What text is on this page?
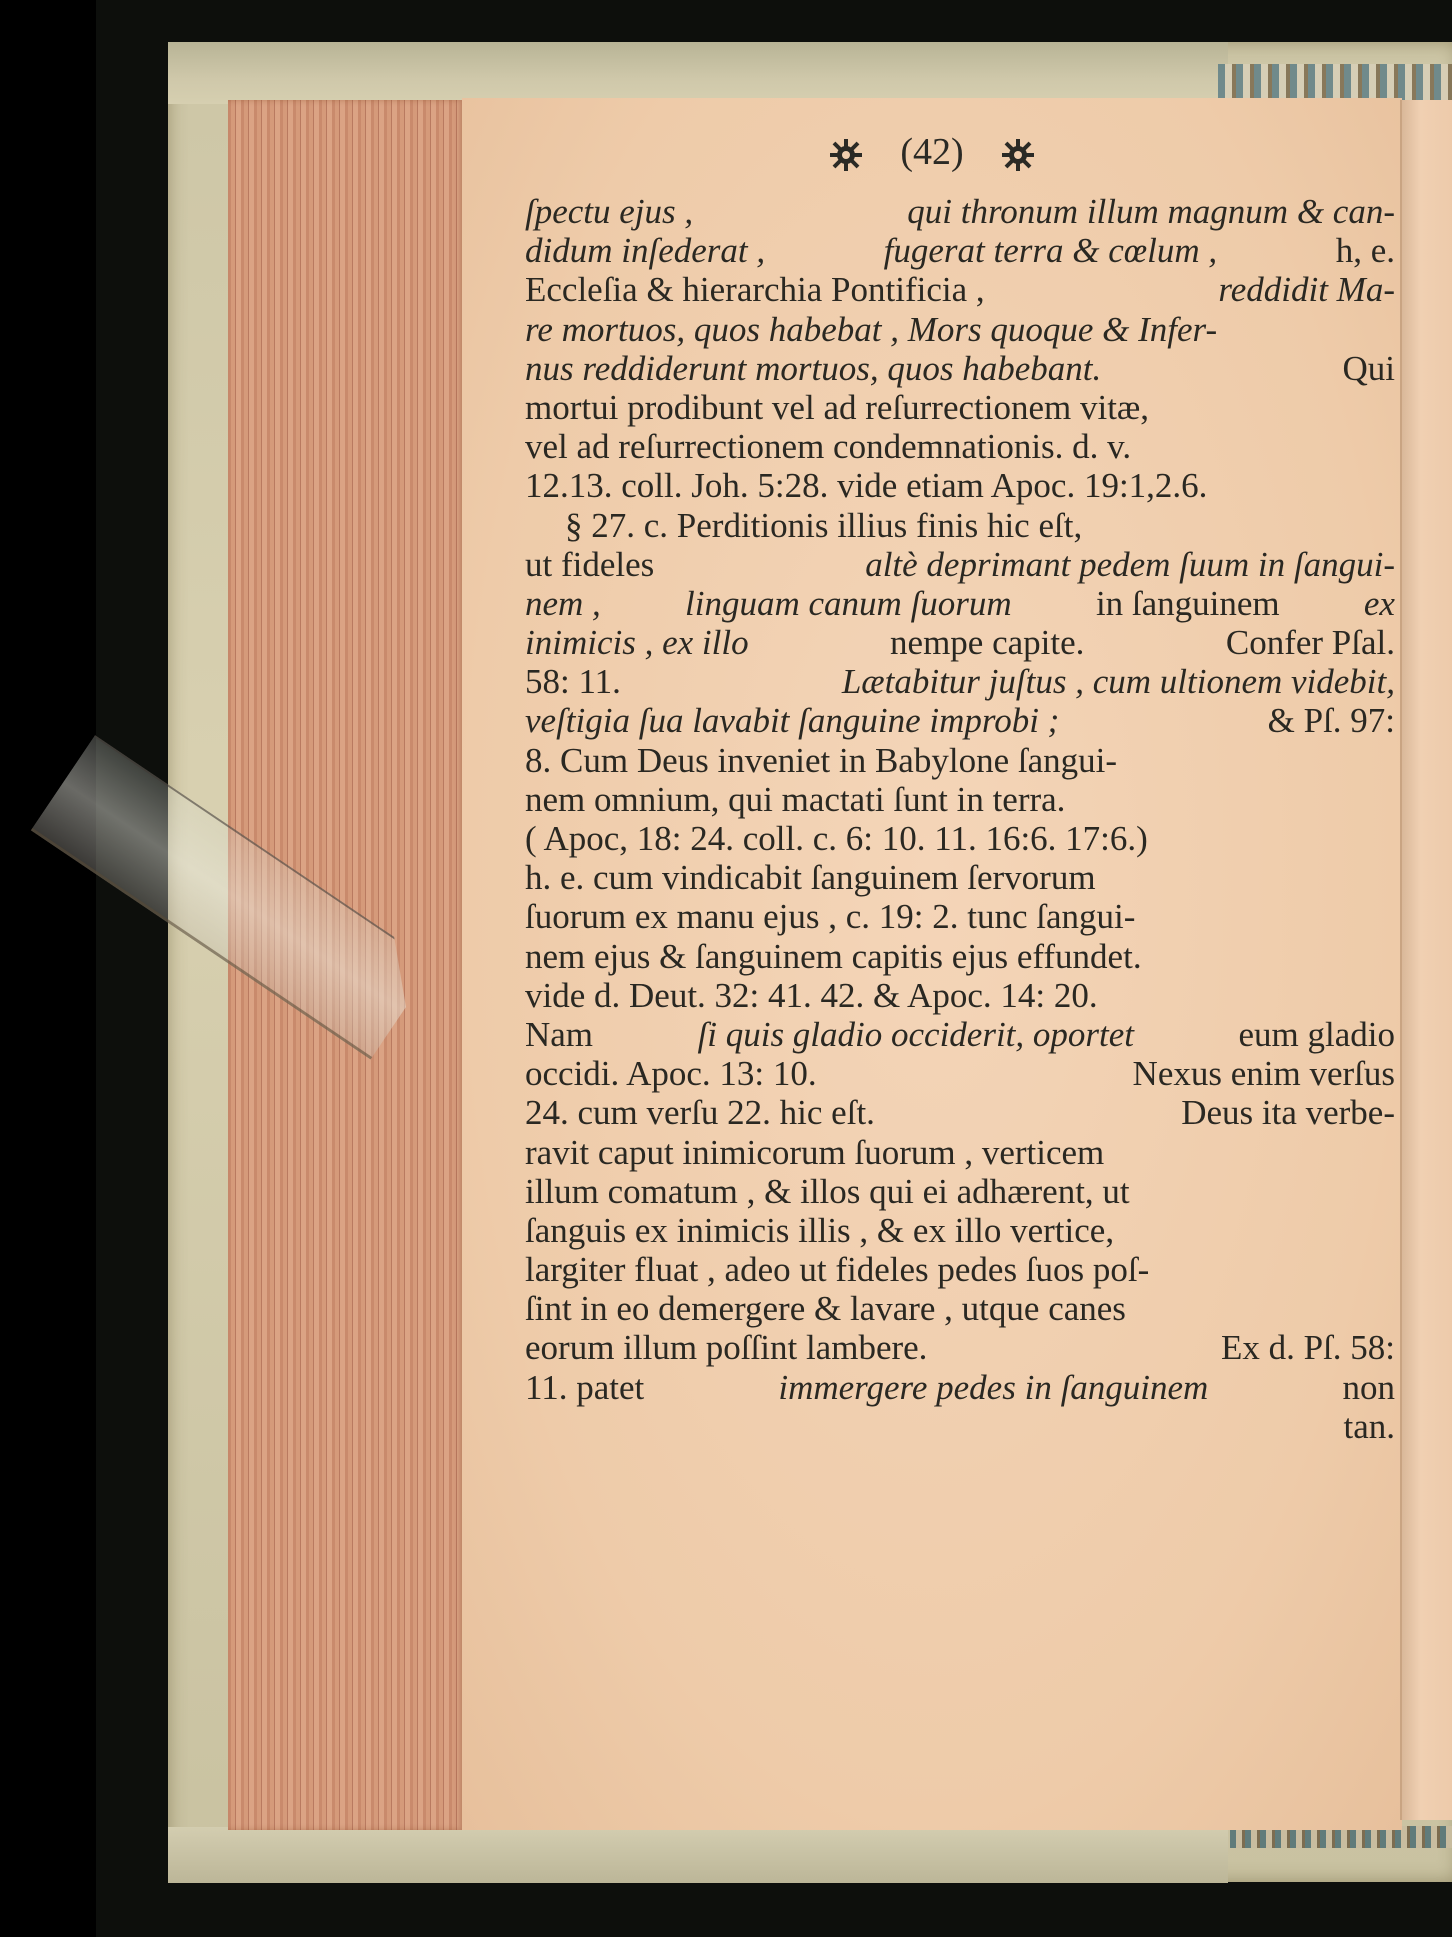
(42)
ſpectu ejus ,	qui thronum illum magnum & can-
didum inſederat ,	fugerat terra & cœlum ,	h, e.
Eccleſia & hierarchia Pontificia ,	reddidit Ma-
re mortuos, quos habebat , Mors quoque & Infer-
nus reddiderunt mortuos, quos habebant.	Qui
mortui prodibunt vel ad reſurrectionem vitæ,
vel ad reſurrectionem condemnationis. d. v.
12.13. coll. Joh. 5:28. vide etiam Apoc. 19:1,2.6.
§ 27. c. Perditionis illius finis hic eſt,
ut fideles	altè deprimant pedem ſuum in ſangui-
nem , linguam canum ſuorum in ſanguinem ex
inimicis , ex illo	nempe capite.	Confer Pſal.
58: 11.	Lætabitur juſtus , cum ultionem videbit,
veſtigia ſua lavabit ſanguine improbi ;	& Pſ. 97:
8. Cum Deus inveniet in Babylone ſangui-
nem omnium, qui mactati ſunt in terra.
( Apoc, 18: 24. coll. c. 6: 10. 11. 16:6. 17:6.)
h. e. cum vindicabit ſanguinem ſervorum
ſuorum ex manu ejus , c. 19: 2. tunc ſangui-
nem ejus & ſanguinem capitis ejus effundet.
vide d. Deut. 32: 41. 42. & Apoc. 14: 20.
Nam	ſi quis gladio occiderit, oportet	eum gladio
occidi. Apoc. 13: 10.	Nexus enim verſus
24. cum verſu 22. hic eſt.	Deus ita verbe-
ravit caput inimicorum ſuorum , verticem
illum comatum , & illos qui ei adhærent, ut
ſanguis ex inimicis illis , & ex illo vertice,
largiter fluat , adeo ut fideles pedes ſuos poſ-
ſint in eo demergere & lavare , utque canes
eorum illum poſſint lambere.	Ex d. Pſ. 58:
11. patet	immergere pedes in ſanguinem	non
tan.
